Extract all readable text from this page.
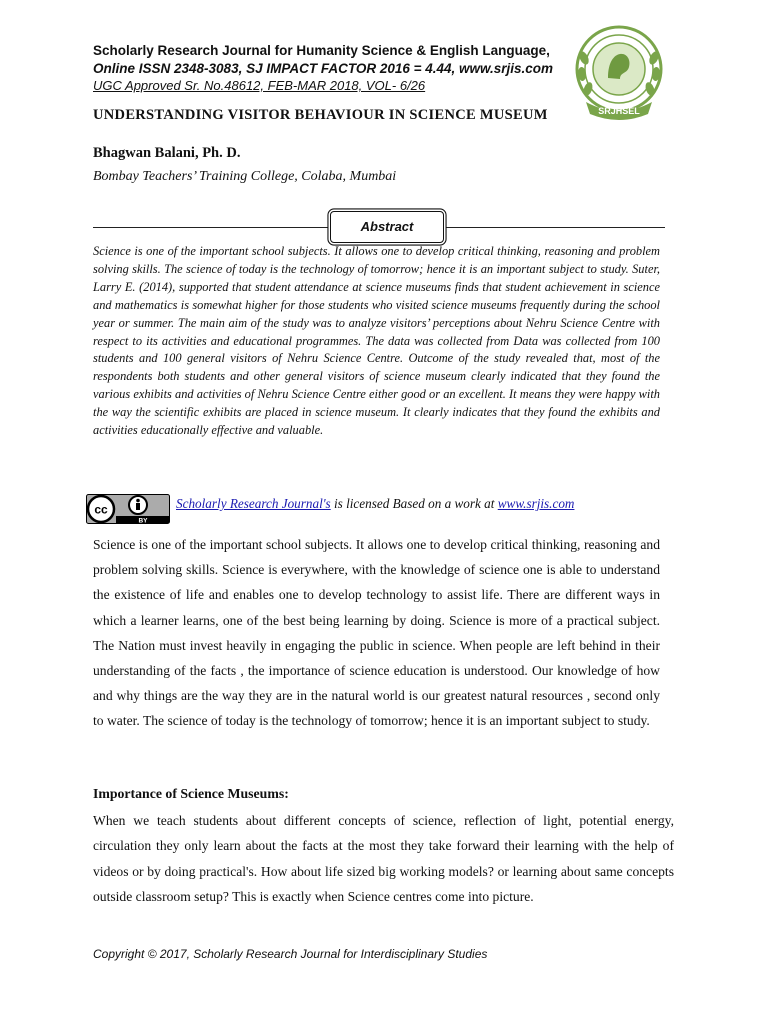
Scholarly Research Journal for Humanity Science & English Language,
Online ISSN 2348-3083, SJ IMPACT FACTOR 2016 = 4.44, www.srjis.com
UGC Approved Sr. No.48612, FEB-MAR 2018, VOL- 6/26
SRJHSEL
UNDERSTANDING VISITOR BEHAVIOUR IN SCIENCE MUSEUM
Bhagwan Balani, Ph. D.
Bombay Teachers’ Training College, Colaba, Mumbai
Abstract
Science is one of the important school subjects. It allows one to develop critical thinking, reasoning and problem solving skills. The science of today is the technology of tomorrow; hence it is an important subject to study. Suter, Larry E. (2014), supported that student attendance at science museums finds that student achievement in science and mathematics is somewhat higher for those students who visited science museums frequently during the school year or summer. The main aim of the study was to analyze visitors’ perceptions about Nehru Science Centre with respect to its activities and educational programmes. The data was collected from Data was collected from 100 students and 100 general visitors of Nehru Science Centre. Outcome of the study revealed that, most of the respondents both students and other general visitors of science museum clearly indicated that they found the various exhibits and activities of Nehru Science Centre either good or an excellent. It means they were happy with the way the scientific exhibits are placed in science museum. It clearly indicates that they found the exhibits and activities educationally effective and valuable.
cc
BY
Scholarly Research Journal's is licensed Based on a work at www.srjis.com
Science is one of the important school subjects. It allows one to develop critical thinking, reasoning and problem solving skills. Science is everywhere, with the knowledge of science one is able to understand the existence of life and enables one to develop technology to assist life. There are different ways in which a learner learns, one of the best being learning by doing. Science is more of a practical subject. The Nation must invest heavily in engaging the public in science. When people are left behind in their understanding of the facts , the importance of science education is understood. Our knowledge of how and why things are the way they are in the natural world is our greatest natural resources , second only to water. The science of today is the technology of tomorrow; hence it is an important subject to study.
Importance of Science Museums:
When we teach students about different concepts of science, reflection of light, potential energy, circulation they only learn about the facts at the most they take forward their learning with the help of videos or by doing practical's. How about life sized big working models? or learning about same concepts outside classroom setup? This is exactly when Science centres come into picture.
Copyright © 2017, Scholarly Research Journal for Interdisciplinary Studies
